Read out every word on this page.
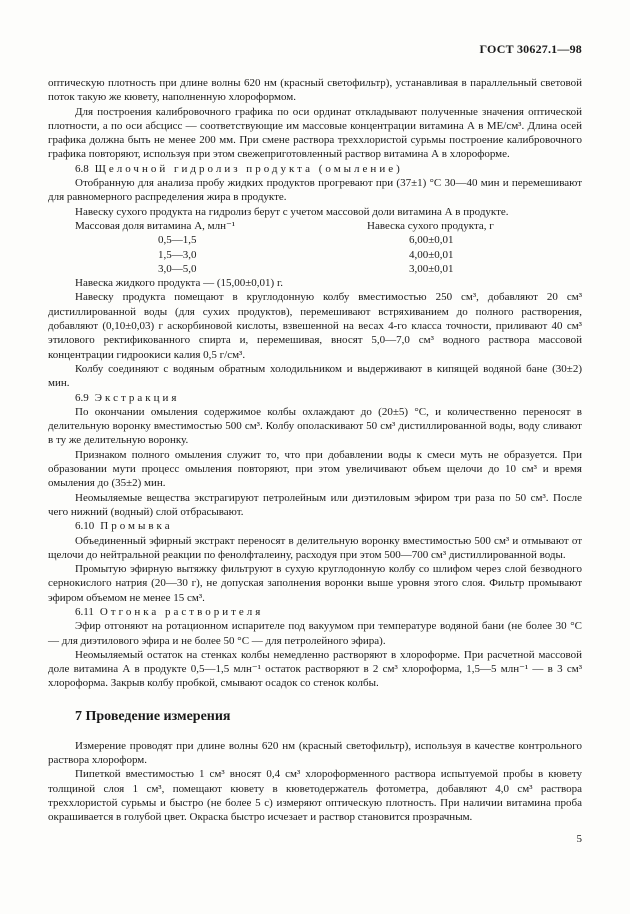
ГОСТ 30627.1—98

оптическую плотность при длине волны 620 нм (красный светофильтр), устанавливая в параллельный световой поток такую же кювету, наполненную хлороформом.

Для построения калибровочного графика по оси ординат откладывают полученные значения оптической плотности, а по оси абсцисс — соответствующие им массовые концентрации витамина А в МЕ/см³. Длина осей графика должна быть не менее 200 мм. При смене раствора треххлористой сурьмы построение калибровочного графика повторяют, используя при этом свежеприготовленный раствор витамина А в хлороформе.

6.8 Щелочной гидролиз продукта (омыление)

Отобранную для анализа пробу жидких продуктов прогревают при (37±1) °С 30—40 мин и перемешивают для равномерного распределения жира в продукте.

Навеску сухого продукта на гидролиз берут с учетом массовой доли витамина А в продукте.

Массовая доля витамина А, млн⁻¹	Навеска сухого продукта, г
0,5—1,5	6,00±0,01
1,5—3,0	4,00±0,01
3,0—5,0	3,00±0,01

Навеска жидкого продукта — (15,00±0,01) г.

Навеску продукта помещают в круглодонную колбу вместимостью 250 см³, добавляют 20 см³ дистиллированной воды (для сухих продуктов), перемешивают встряхиванием до полного растворения, добавляют (0,10±0,03) г аскорбиновой кислоты, взвешенной на весах 4-го класса точности, приливают 40 см³ этилового ректификованного спирта и, перемешивая, вносят 5,0—7,0 см³ водного раствора массовой концентрации гидроокиси калия 0,5 г/см³.

Колбу соединяют с водяным обратным холодильником и выдерживают в кипящей водяной бане (30±2) мин.

6.9 Экстракция

По окончании омыления содержимое колбы охлаждают до (20±5) °С, и количественно переносят в делительную воронку вместимостью 500 см³. Колбу ополаскивают 50 см³ дистиллированной воды, воду сливают в ту же делительную воронку.

Признаком полного омыления служит то, что при добавлении воды к смеси муть не образуется. При образовании мути процесс омыления повторяют, при этом увеличивают объем щелочи до 10 см³ и время омыления до (35±2) мин.

Неомыляемые вещества экстрагируют петролейным или диэтиловым эфиром три раза по 50 см³. После чего нижний (водный) слой отбрасывают.

6.10 Промывка

Объединенный эфирный экстракт переносят в делительную воронку вместимостью 500 см³ и отмывают от щелочи до нейтральной реакции по фенолфталеину, расходуя при этом 500—700 см³ дистиллированной воды.

Промытую эфирную вытяжку фильтруют в сухую круглодонную колбу со шлифом через слой безводного сернокислого натрия (20—30 г), не допуская заполнения воронки выше уровня этого слоя. Фильтр промывают эфиром объемом не менее 15 см³.

6.11 Отгонка растворителя

Эфир отгоняют на ротационном испарителе под вакуумом при температуре водяной бани (не более 30 °С — для диэтилового эфира и не более 50 °С — для петролейного эфира).

Неомыляемый остаток на стенках колбы немедленно растворяют в хлороформе. При расчетной массовой доле витамина А в продукте 0,5—1,5 млн⁻¹ остаток растворяют в 2 см³ хлороформа, 1,5—5 млн⁻¹ — в 3 см³ хлороформа. Закрыв колбу пробкой, смывают осадок со стенок колбы.

7 Проведение измерения

Измерение проводят при длине волны 620 нм (красный светофильтр), используя в качестве контрольного раствора хлороформ.

Пипеткой вместимостью 1 см³ вносят 0,4 см³ хлороформенного раствора испытуемой пробы в кювету толщиной слоя 1 см³, помещают кювету в кюветодержатель фотометра, добавляют 4,0 см³ раствора треххлористой сурьмы и быстро (не более 5 с) измеряют оптическую плотность. При наличии витамина проба окрашивается в голубой цвет. Окраска быстро исчезает и раствор становится прозрачным.

5
